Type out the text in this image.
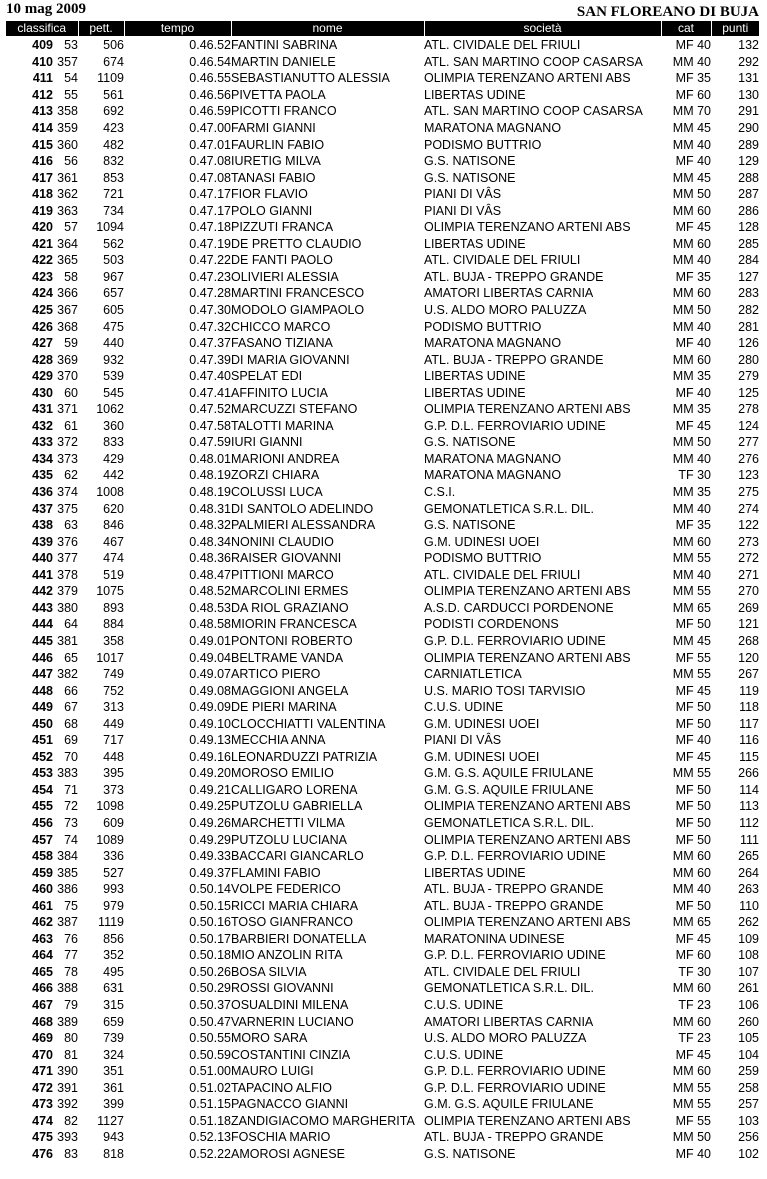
10 mag 2009	SAN FLOREANO DI BUJA
classifica		pett.	tempo	nome	società	cat	punti
409	53	506	0.46.52	FANTINI SABRINA	ATL. CIVIDALE DEL FRIULI	MF 40	132
410	357	674	0.46.54	MARTIN DANIELE	ATL. SAN MARTINO COOP CASARSA	MM 40	292
411	54	1109	0.46.55	SEBASTIANUTTO ALESSIA	OLIMPIA TERENZANO ARTENI ABS	MF 35	131
412	55	561	0.46.56	PIVETTA PAOLA	LIBERTAS UDINE	MF 60	130
413	358	692	0.46.59	PICOTTI FRANCO	ATL. SAN MARTINO COOP CASARSA	MM 70	291
414	359	423	0.47.00	FARMI GIANNI	MARATONA MAGNANO	MM 45	290
415	360	482	0.47.01	FAURLIN FABIO	PODISMO BUTTRIO	MM 40	289
416	56	832	0.47.08	IURETIG MILVA	G.S. NATISONE	MF 40	129
417	361	853	0.47.08	TANASI FABIO	G.S. NATISONE	MM 45	288
418	362	721	0.47.17	FIOR FLAVIO	PIANI DI VÂS	MM 50	287
419	363	734	0.47.17	POLO GIANNI	PIANI DI VÂS	MM 60	286
420	57	1094	0.47.18	PIZZUTI FRANCA	OLIMPIA TERENZANO ARTENI ABS	MF 45	128
421	364	562	0.47.19	DE PRETTO CLAUDIO	LIBERTAS UDINE	MM 60	285
422	365	503	0.47.22	DE FANTI PAOLO	ATL. CIVIDALE DEL FRIULI	MM 40	284
423	58	967	0.47.23	OLIVIERI ALESSIA	ATL. BUJA - TREPPO GRANDE	MF 35	127
424	366	657	0.47.28	MARTINI FRANCESCO	AMATORI LIBERTAS CARNIA	MM 60	283
425	367	605	0.47.30	MODOLO GIAMPAOLO	U.S. ALDO MORO PALUZZA	MM 50	282
426	368	475	0.47.32	CHICCO MARCO	PODISMO BUTTRIO	MM 40	281
427	59	440	0.47.37	FASANO TIZIANA	MARATONA MAGNANO	MF 40	126
428	369	932	0.47.39	DI MARIA GIOVANNI	ATL. BUJA - TREPPO GRANDE	MM 60	280
429	370	539	0.47.40	SPELAT EDI	LIBERTAS UDINE	MM 35	279
430	60	545	0.47.41	AFFINITO LUCIA	LIBERTAS UDINE	MF 40	125
431	371	1062	0.47.52	MARCUZZI STEFANO	OLIMPIA TERENZANO ARTENI ABS	MM 35	278
432	61	360	0.47.58	TALOTTI MARINA	G.P. D.L. FERROVIARIO UDINE	MF 45	124
433	372	833	0.47.59	IURI GIANNI	G.S. NATISONE	MM 50	277
434	373	429	0.48.01	MARIONI ANDREA	MARATONA MAGNANO	MM 40	276
435	62	442	0.48.19	ZORZI CHIARA	MARATONA MAGNANO	TF 30	123
436	374	1008	0.48.19	COLUSSI LUCA	C.S.I.	MM 35	275
437	375	620	0.48.31	DI SANTOLO ADELINDO	GEMONATLETICA S.R.L. DIL.	MM 40	274
438	63	846	0.48.32	PALMIERI ALESSANDRA	G.S. NATISONE	MF 35	122
439	376	467	0.48.34	NONINI CLAUDIO	G.M. UDINESI UOEI	MM 60	273
440	377	474	0.48.36	RAISER GIOVANNI	PODISMO BUTTRIO	MM 55	272
441	378	519	0.48.47	PITTIONI MARCO	ATL. CIVIDALE DEL FRIULI	MM 40	271
442	379	1075	0.48.52	MARCOLINI ERMES	OLIMPIA TERENZANO ARTENI ABS	MM 55	270
443	380	893	0.48.53	DA RIOL GRAZIANO	A.S.D. CARDUCCI PORDENONE	MM 65	269
444	64	884	0.48.58	MIORIN FRANCESCA	PODISTI CORDENONS	MF 50	121
445	381	358	0.49.01	PONTONI ROBERTO	G.P. D.L. FERROVIARIO UDINE	MM 45	268
446	65	1017	0.49.04	BELTRAME VANDA	OLIMPIA TERENZANO ARTENI ABS	MF 55	120
447	382	749	0.49.07	ARTICO PIERO	CARNIATLETICA	MM 55	267
448	66	752	0.49.08	MAGGIONI ANGELA	U.S. MARIO TOSI TARVISIO	MF 45	119
449	67	313	0.49.09	DE PIERI MARINA	C.U.S. UDINE	MF 50	118
450	68	449	0.49.10	CLOCCHIATTI VALENTINA	G.M. UDINESI UOEI	MF 50	117
451	69	717	0.49.13	MECCHIA ANNA	PIANI DI VÂS	MF 40	116
452	70	448	0.49.16	LEONARDUZZI PATRIZIA	G.M. UDINESI UOEI	MF 45	115
453	383	395	0.49.20	MOROSO EMILIO	G.M. G.S. AQUILE FRIULANE	MM 55	266
454	71	373	0.49.21	CALLIGARO LORENA	G.M. G.S. AQUILE FRIULANE	MF 50	114
455	72	1098	0.49.25	PUTZOLU GABRIELLA	OLIMPIA TERENZANO ARTENI ABS	MF 50	113
456	73	609	0.49.26	MARCHETTI VILMA	GEMONATLETICA S.R.L. DIL.	MF 50	112
457	74	1089	0.49.29	PUTZOLU LUCIANA	OLIMPIA TERENZANO ARTENI ABS	MF 50	111
458	384	336	0.49.33	BACCARI GIANCARLO	G.P. D.L. FERROVIARIO UDINE	MM 60	265
459	385	527	0.49.37	FLAMINI FABIO	LIBERTAS UDINE	MM 60	264
460	386	993	0.50.14	VOLPE FEDERICO	ATL. BUJA - TREPPO GRANDE	MM 40	263
461	75	979	0.50.15	RICCI MARIA CHIARA	ATL. BUJA - TREPPO GRANDE	MF 50	110
462	387	1119	0.50.16	TOSO GIANFRANCO	OLIMPIA TERENZANO ARTENI ABS	MM 65	262
463	76	856	0.50.17	BARBIERI DONATELLA	MARATONINA UDINESE	MF 45	109
464	77	352	0.50.18	MIO ANZOLIN RITA	G.P. D.L. FERROVIARIO UDINE	MF 60	108
465	78	495	0.50.26	BOSA SILVIA	ATL. CIVIDALE DEL FRIULI	TF 30	107
466	388	631	0.50.29	ROSSI GIOVANNI	GEMONATLETICA S.R.L. DIL.	MM 60	261
467	79	315	0.50.37	OSUALDINI MILENA	C.U.S. UDINE	TF 23	106
468	389	659	0.50.47	VARNERIN LUCIANO	AMATORI LIBERTAS CARNIA	MM 60	260
469	80	739	0.50.55	MORO SARA	U.S. ALDO MORO PALUZZA	TF 23	105
470	81	324	0.50.59	COSTANTINI CINZIA	C.U.S. UDINE	MF 45	104
471	390	351	0.51.00	MAURO LUIGI	G.P. D.L. FERROVIARIO UDINE	MM 60	259
472	391	361	0.51.02	TAPACINO ALFIO	G.P. D.L. FERROVIARIO UDINE	MM 55	258
473	392	399	0.51.15	PAGNACCO GIANNI	G.M. G.S. AQUILE FRIULANE	MM 55	257
474	82	1127	0.51.18	ZANDIGIACOMO MARGHERITA	OLIMPIA TERENZANO ARTENI ABS	MF 55	103
475	393	943	0.52.13	FOSCHIA MARIO	ATL. BUJA - TREPPO GRANDE	MM 50	256
476	83	818	0.52.22	AMOROSI AGNESE	G.S. NATISONE	MF 40	102
